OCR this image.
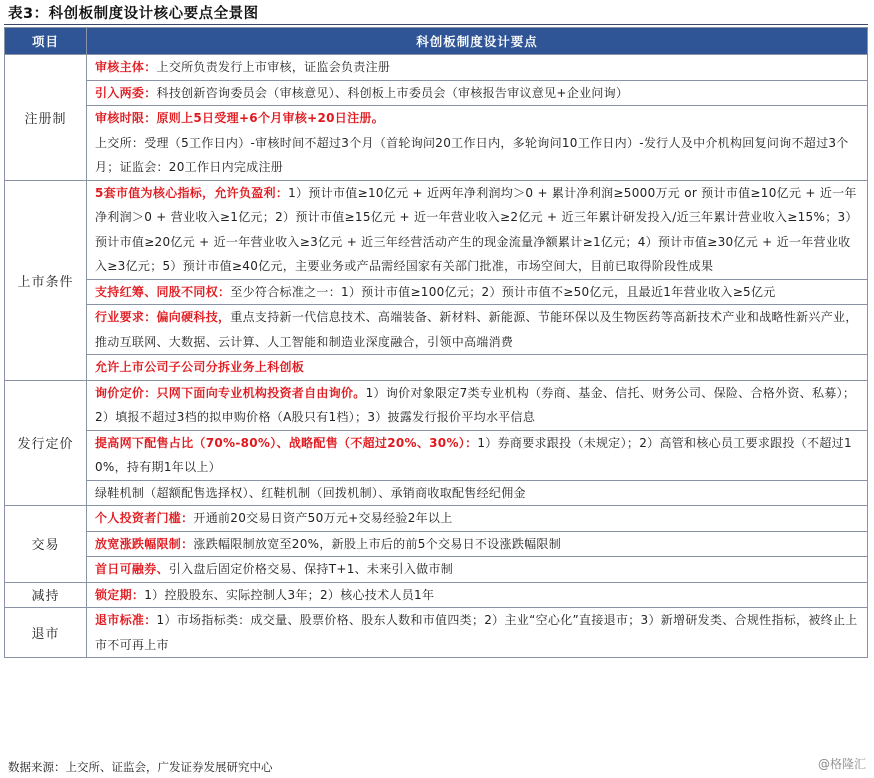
表3：科创板制度设计核心要点全景图
项目	科创板制度设计要点
注册制	审核主体：上交所负责发行上市审核，证监会负责注册
	引入两委：科技创新咨询委员会（审核意见）、科创板上市委员会（审核报告审议意见+企业问询）
	审核时限：原则上5日受理+6个月审核+20日注册。
上交所：受理（5工作日内）-审核时间不超过3个月（首轮询问20工作日内，多轮询问10工作日内）-发行人及中介机构回复问询不超过3个月；证监会：20工作日内完成注册
上市条件	5套市值为核心指标，允许负盈利：1）预计市值≥10亿元 + 近两年净利润均＞0 + 累计净利润≥5000万元 or 预计市值≥10亿元 + 近一年净利润＞0 + 营业收入≥1亿元；2）预计市值≥15亿元 + 近一年营业收入≥2亿元 + 近三年累计研发投入/近三年累计营业收入≥15%；3）预计市值≥20亿元 + 近一年营业收入≥3亿元 + 近三年经营活动产生的现金流量净额累计≥1亿元；4）预计市值≥30亿元 + 近一年营业收入≥3亿元；5）预计市值≥40亿元，主要业务或产品需经国家有关部门批准，市场空间大，目前已取得阶段性成果
	支持红筹、同股不同权：至少符合标准之一：1）预计市值≥100亿元；2）预计市值不≥50亿元，且最近1年营业收入≥5亿元
	行业要求：偏向硬科技，重点支持新一代信息技术、高端装备、新材料、新能源、节能环保以及生物医药等高新技术产业和战略性新兴产业，推动互联网、大数据、云计算、人工智能和制造业深度融合，引领中高端消费
	允许上市公司子公司分拆业务上科创板
发行定价	询价定价：只网下面向专业机构投资者自由询价。1）询价对象限定7类专业机构（券商、基金、信托、财务公司、保险、合格外资、私募）；2）填报不超过3档的拟申购价格（A股只有1档）；3）披露发行报价平均水平信息
	提高网下配售占比（70%-80%）、战略配售（不超过20%、30%）：1）券商要求跟投（未规定）；2）高管和核心员工要求跟投（不超过10%，持有期1年以上）
	绿鞋机制（超额配售选择权）、红鞋机制（回拨机制）、承销商收取配售经纪佣金
交易	个人投资者门槛：开通前20交易日资产50万元+交易经验2年以上
	放宽涨跌幅限制：涨跌幅限制放宽至20%，新股上市后的前5个交易日不设涨跌幅限制
	首日可融券、引入盘后固定价格交易、保持T+1、未来引入做市制
减持	锁定期：1）控股股东、实际控制人3年；2）核心技术人员1年
退市	退市标准：1）市场指标类：成交量、股票价格、股东人数和市值四类；2）主业“空心化”直接退市；3）新增研发类、合规性指标，被终止上市不可再上市
数据来源：上交所、证监会，广发证券发展研究中心	@格隆汇
